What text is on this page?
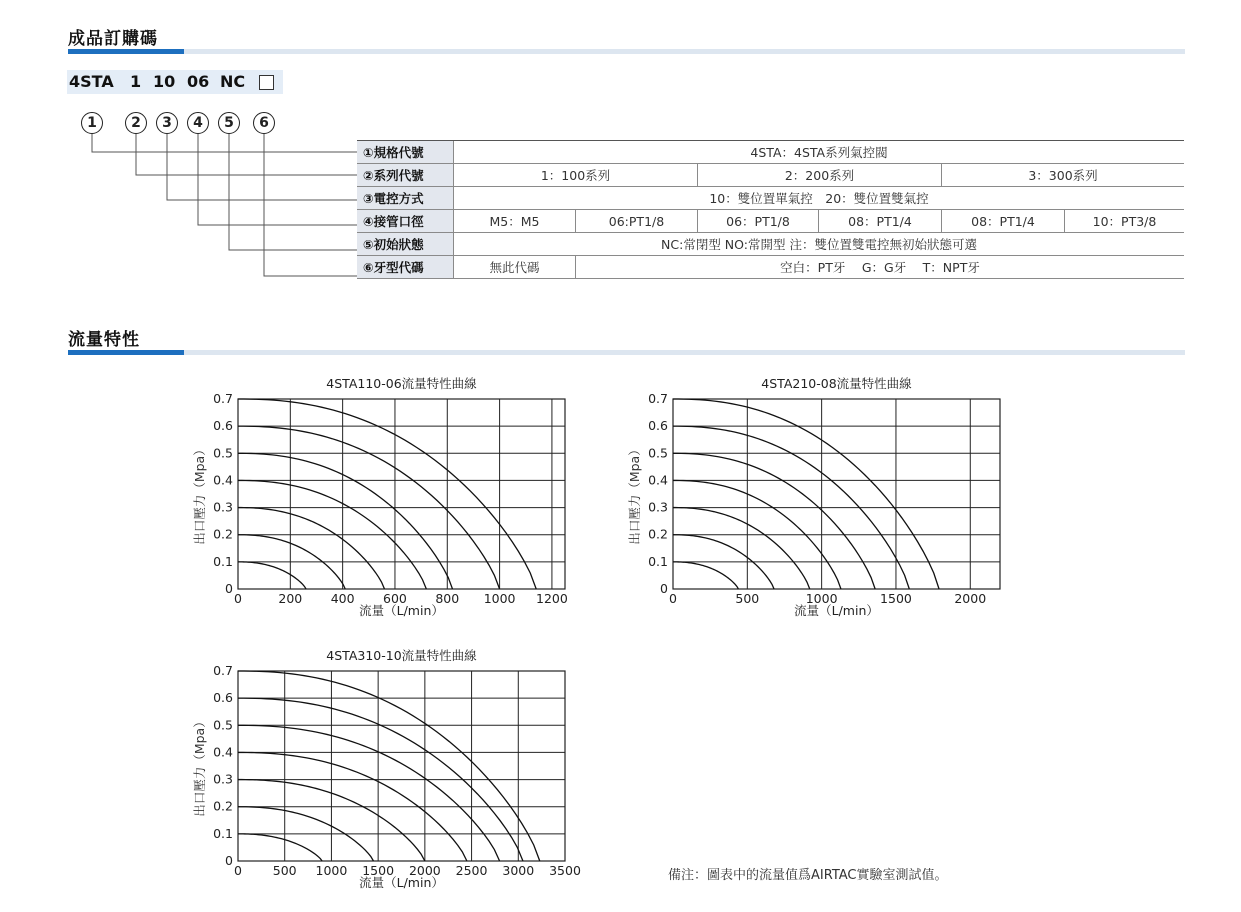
成品訂購碼
4STA 1 10 06 NC
1	2	3	4	5	6
①規格代號	4STA：4STA系列氣控閥					
②系列代號	1：100系列		2：200系列		3：300系列	
③電控方式	10：雙位置單氣控　20：雙位置雙氣控					
④接管口徑	M5：M5	06:PT1/8	06：PT1/8	08：PT1/4	08：PT1/4	10：PT3/8
⑤初始狀態	NC:常閉型 NO:常開型 注：雙位置雙電控無初始狀態可選					
⑥牙型代碼	無此代碼	空白：PT牙　 G：G牙　 T：NPT牙				
流量特性
4STA110-06流量特性曲線
0
0.1
0.2
0.3
0.4
0.5
0.6
0.7
0	200 400 600 800 1000 1200
流量（L/min）
出口壓力（Mpa）
4STA210-08流量特性曲線
0
0.1
0.2
0.3
0.4
0.5
0.6
0.7
0	500	1000	1500	2000
流量（L/min）
出口壓力（Mpa）
4STA310-10流量特性曲線
0
0.1
0.2
0.3
0.4
0.5
0.6
0.7
0 500 1000 1500 2000 2500 3000 3500
流量（L/min）
出口壓力（Mpa）
備注：圖表中的流量值爲AIRTAC實驗室測試值。
